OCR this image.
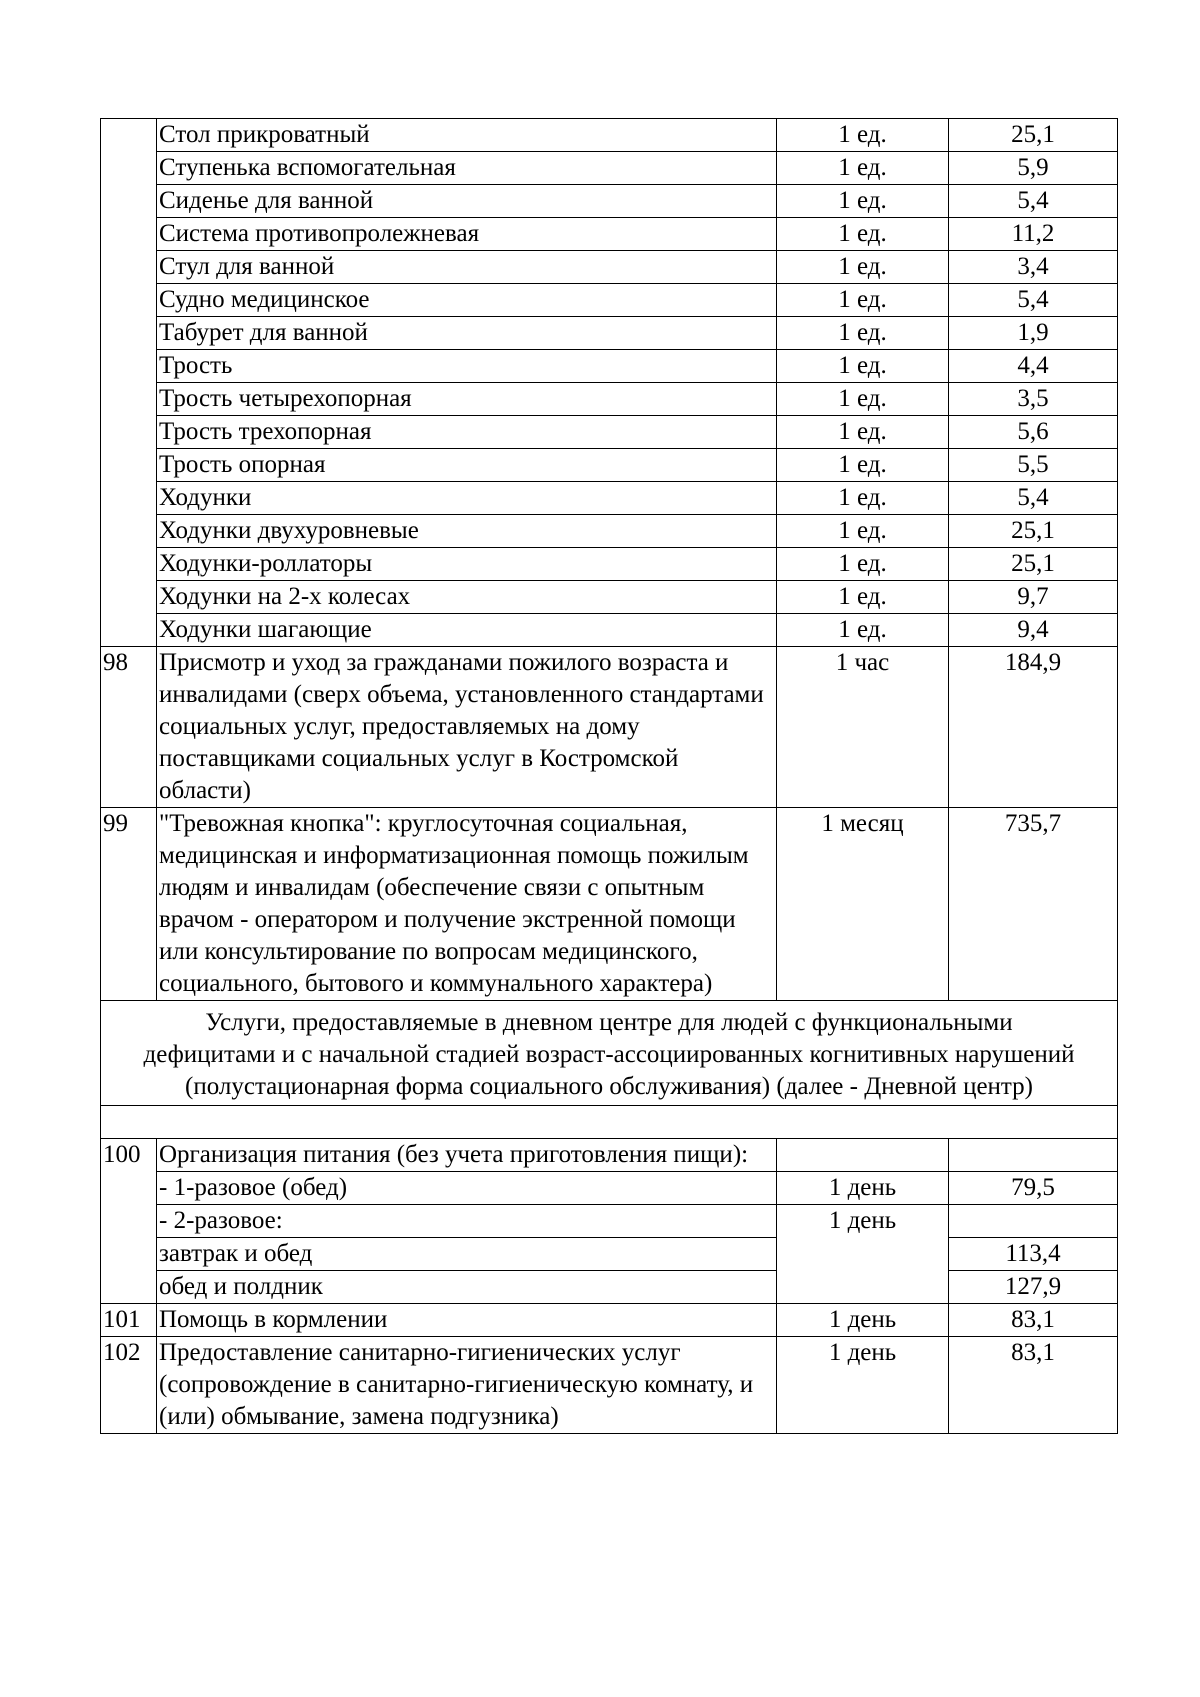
	Стол прикроватный	1 ед.	25,1
	Ступенька вспомогательная	1 ед.	5,9
	Сиденье для ванной	1 ед.	5,4
	Система противопролежневая	1 ед.	11,2
	Стул для ванной	1 ед.	3,4
	Судно медицинское	1 ед.	5,4
	Табурет для ванной	1 ед.	1,9
	Трость	1 ед.	4,4
	Трость четырехопорная	1 ед.	3,5
	Трость трехопорная	1 ед.	5,6
	Трость опорная	1 ед.	5,5
	Ходунки	1 ед.	5,4
	Ходунки двухуровневые	1 ед.	25,1
	Ходунки-роллаторы	1 ед.	25,1
	Ходунки на 2-х колесах	1 ед.	9,7
	Ходунки шагающие	1 ед.	9,4
98	Присмотр и уход за гражданами пожилого возраста и инвалидами (сверх объема, установленного стандартами социальных услуг, предоставляемых на дому поставщиками социальных услуг в Костромской области)	1 час	184,9
99	"Тревожная кнопка": круглосуточная социальная, медицинская и информатизационная помощь пожилым людям и инвалидам (обеспечение связи с опытным врачом - оператором и получение экстренной помощи или консультирование по вопросам медицинского, социального, бытового и коммунального характера)	1 месяц	735,7
Услуги, предоставляемые в дневном центре для людей с функциональными дефицитами и с начальной стадией возраст-ассоциированных когнитивных нарушений (полустационарная форма социального обслуживания) (далее - Дневной центр)			

100	Организация питания (без учета приготовления пищи):		
	- 1-разовое (обед)	1 день	79,5
	- 2-разовое:	1 день	
	завтрак и обед		113,4
	обед и полдник		127,9
101	Помощь в кормлении	1 день	83,1
102	Предоставление санитарно-гигиенических услуг (сопровождение в санитарно-гигиеническую комнату, и (или) обмывание, замена подгузника)	1 день	83,1
